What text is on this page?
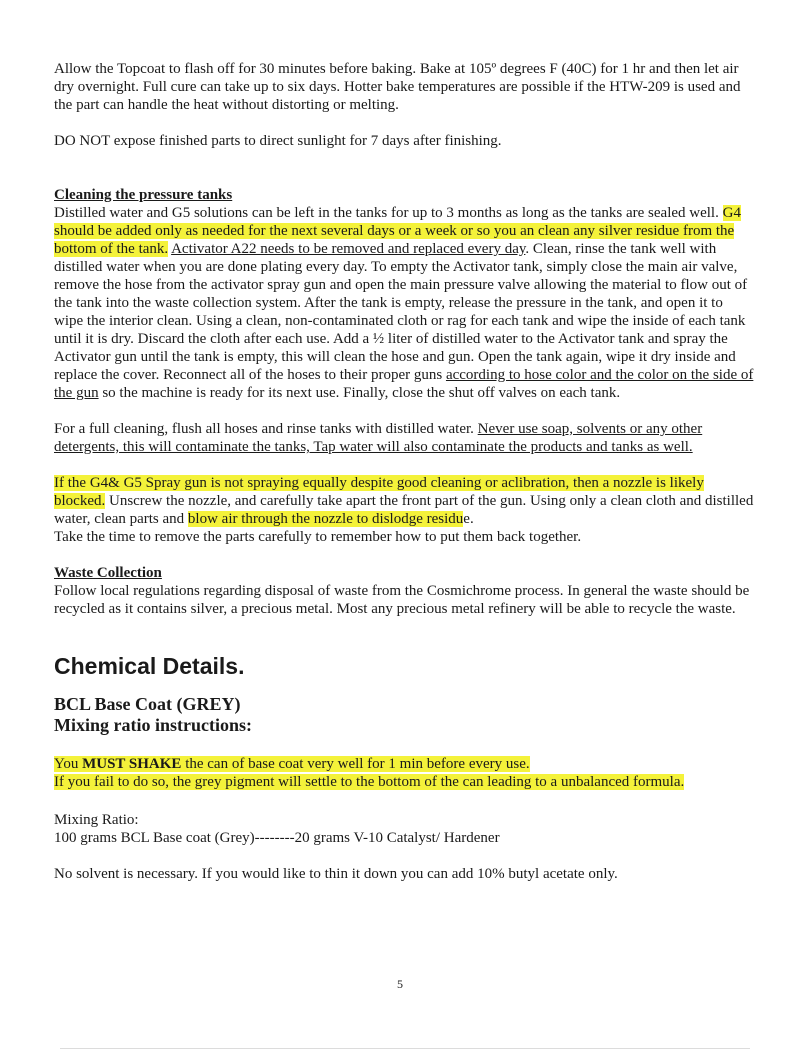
Allow the Topcoat to flash off for 30 minutes before baking. Bake at 105º degrees F (40C) for 1 hr and then let air dry overnight. Full cure can take up to six days. Hotter bake temperatures are possible if the HTW-209 is used and the part can handle the heat without distorting or melting.

DO NOT expose finished parts to direct sunlight for 7 days after finishing.

Cleaning the pressure tanks

Distilled water and G5 solutions can be left in the tanks for up to 3 months as long as the tanks are sealed well. G4 should be added only as needed for the next several days or a week or so you an clean any silver residue from the bottom of the tank. Activator A22 needs to be removed and replaced every day. Clean, rinse the tank well with distilled water when you are done plating every day. To empty the Activator tank, simply close the main air valve, remove the hose from the activator spray gun and open the main pressure valve allowing the material to flow out of the tank into the waste collection system. After the tank is empty, release the pressure in the tank, and open it to wipe the interior clean. Using a clean, non-contaminated cloth or rag for each tank and wipe the inside of each tank until it is dry. Discard the cloth after each use. Add a ½ liter of distilled water to the Activator tank and spray the Activator gun until the tank is empty, this will clean the hose and gun. Open the tank again, wipe it dry inside and replace the cover. Reconnect all of the hoses to their proper guns according to hose color and the color on the side of the gun so the machine is ready for its next use. Finally, close the shut off valves on each tank.

For a full cleaning, flush all hoses and rinse tanks with distilled water. Never use soap, solvents or any other detergents, this will contaminate the tanks, Tap water will also contaminate the products and tanks as well.

If the G4& G5 Spray gun is not spraying equally despite good cleaning or aclibration, then a nozzle is likely blocked. Unscrew the nozzle, and carefully take apart the front part of the gun. Using only a clean cloth and distilled water, clean parts and blow air through the nozzle to dislodge residue.

Take the time to remove the parts carefully to remember how to put them back together.

Waste Collection

Follow local regulations regarding disposal of waste from the Cosmichrome process. In general the waste should be recycled as it contains silver, a precious metal. Most any precious metal refinery will be able to recycle the waste.

Chemical Details.
BCL Base Coat (GREY)
Mixing ratio instructions:

You MUST SHAKE the can of base coat very well for 1 min before every use.

If you fail to do so, the grey pigment will settle to the bottom of the can leading to a unbalanced formula.

Mixing Ratio:

100 grams BCL Base coat (Grey)--------20 grams V-10 Catalyst/ Hardener

No solvent is necessary. If you would like to thin it down you can add 10% butyl acetate only.

5
